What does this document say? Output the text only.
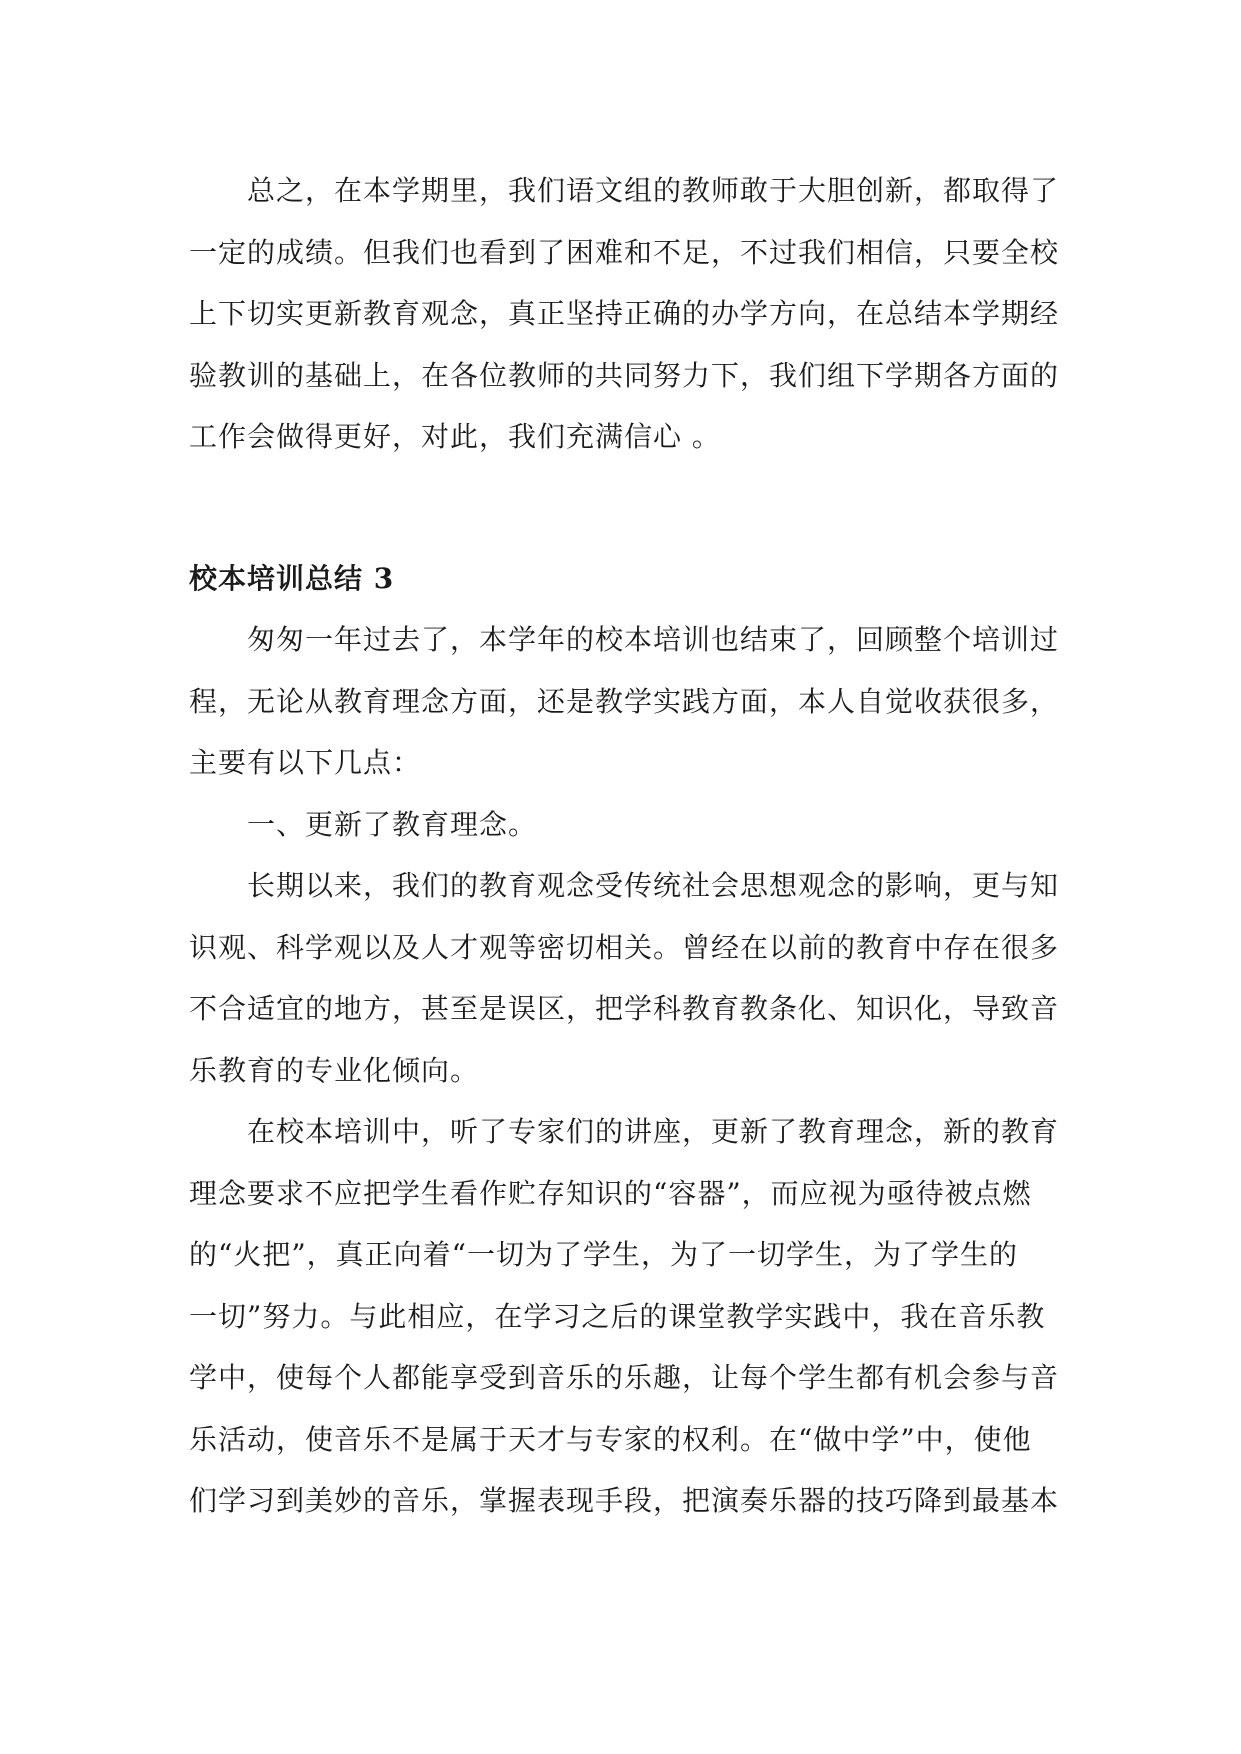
总之，在本学期里，我们语文组的教师敢于大胆创新，都取得了
一定的成绩。但我们也看到了困难和不足，不过我们相信，只要全校
上下切实更新教育观念，真正坚持正确的办学方向，在总结本学期经
验教训的基础上，在各位教师的共同努力下，我们组下学期各方面的
工作会做得更好，对此，我们充满信心 。

校本培训总结 3

匆匆一年过去了，本学年的校本培训也结束了，回顾整个培训过
程，无论从教育理念方面，还是教学实践方面，本人自觉收获很多，
主要有以下几点：

一、更新了教育理念。

长期以来，我们的教育观念受传统社会思想观念的影响，更与知
识观、科学观以及人才观等密切相关。曾经在以前的教育中存在很多
不合适宜的地方，甚至是误区，把学科教育教条化、知识化，导致音
乐教育的专业化倾向。

在校本培训中，听了专家们的讲座，更新了教育理念，新的教育
理念要求不应把学生看作贮存知识的“容器”，而应视为亟待被点燃
的“火把”，真正向着“一切为了学生，为了一切学生，为了学生的
一切”努力。与此相应，在学习之后的课堂教学实践中，我在音乐教
学中，使每个人都能享受到音乐的乐趣，让每个学生都有机会参与音
乐活动，使音乐不是属于天才与专家的权利。在“做中学”中，使他
们学习到美妙的音乐，掌握表现手段，把演奏乐器的技巧降到最基本
